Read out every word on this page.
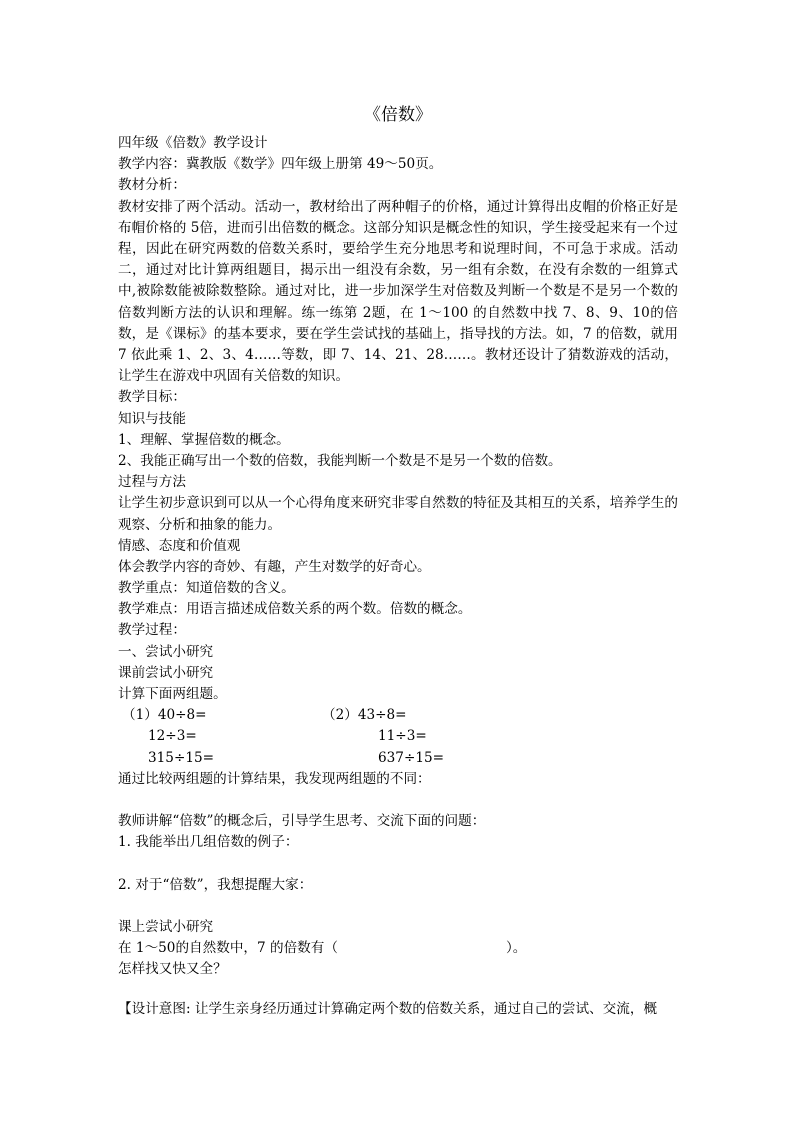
《倍数》
四年级《倍数》教学设计
教学内容：冀教版《数学》四年级上册第 49～50页。
教材分析：
教材安排了两个活动。活动一，教材给出了两种帽子的价格，通过计算得出皮帽的价格正好是布帽价格的 5倍，进而引出倍数的概念。这部分知识是概念性的知识，学生接受起来有一个过程，因此在研究两数的倍数关系时，要给学生充分地思考和说理时间，不可急于求成。活动二，通过对比计算两组题目，揭示出一组没有余数，另一组有余数，在没有余数的一组算式中,被除数能被除数整除。通过对比，进一步加深学生对倍数及判断一个数是不是另一个数的倍数判断方法的认识和理解。练一练第 2题，在 1～100 的自然数中找 7、8、9、10的倍数，是《课标》的基本要求，要在学生尝试找的基础上，指导找的方法。如，7 的倍数，就用 7 依此乘 1、2、3、4……等数，即 7、14、21、28……。教材还设计了猜数游戏的活动，让学生在游戏中巩固有关倍数的知识。
教学目标：
知识与技能
1、理解、掌握倍数的概念。
2、我能正确写出一个数的倍数，我能判断一个数是不是另一个数的倍数。
过程与方法
让学生初步意识到可以从一个心得角度来研究非零自然数的特征及其相互的关系，培养学生的观察、分析和抽象的能力。
情感、态度和价值观
体会教学内容的奇妙、有趣，产生对数学的好奇心。
教学重点：知道倍数的含义。
教学难点：用语言描述成倍数关系的两个数。倍数的概念。
教学过程：
一、尝试小研究
课前尝试小研究
计算下面两组题。
（1）40÷8=	（2）43÷8=
12÷3=	11÷3=
315÷15=	637÷15=
通过比较两组题的计算结果，我发现两组题的不同：
教师讲解“倍数”的概念后，引导学生思考、交流下面的问题：
1. 我能举出几组倍数的例子：
2. 对于“倍数”，我想提醒大家：
课上尝试小研究
在 1～50的自然数中，7 的倍数有（	）。
怎样找又快又全？
【设计意图: 让学生亲身经历通过计算确定两个数的倍数关系，通过自己的尝试、交流，概
